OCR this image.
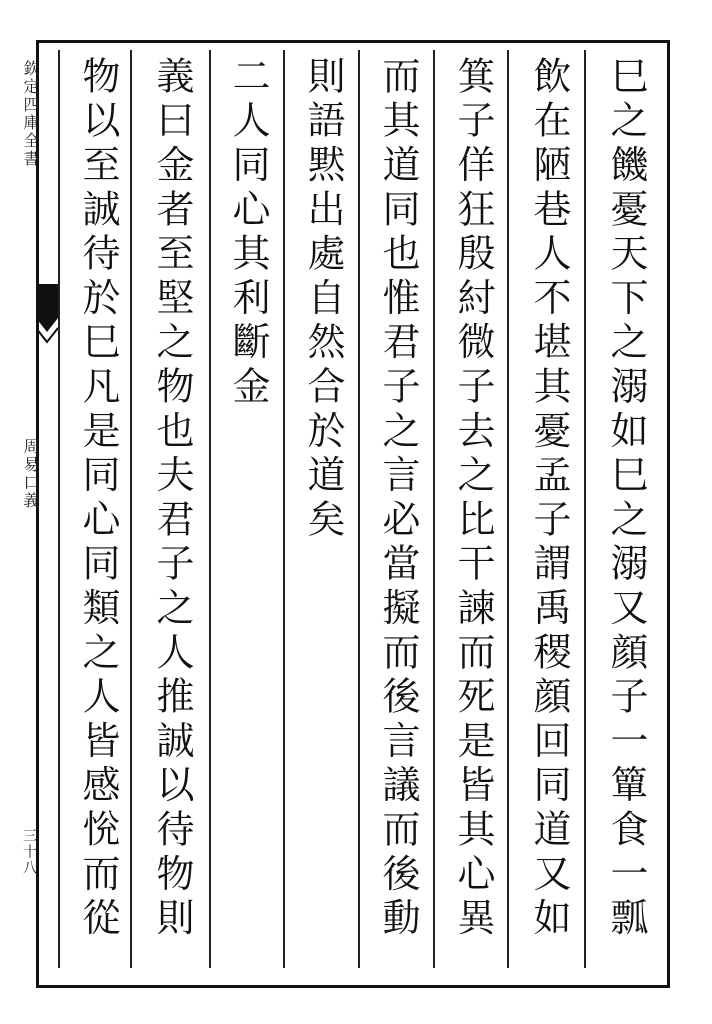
欽定四庫全書
周易口義
三十八	巳之饑憂天下之溺如巳之溺又顔子一簞食一瓢
飲在陋巷人不堪其憂孟子謂禹稷顔回同道又如
箕子佯狂殷紂微子去之比干諫而死是皆其心異
而其道同也惟君子之言必當擬而後言議而後動
則語黙出處自然合於道矣
二人同心其利斷金
義曰金者至堅之物也夫君子之人推誠以待物則
物以至誠待於巳凡是同心同類之人皆感恱而從
